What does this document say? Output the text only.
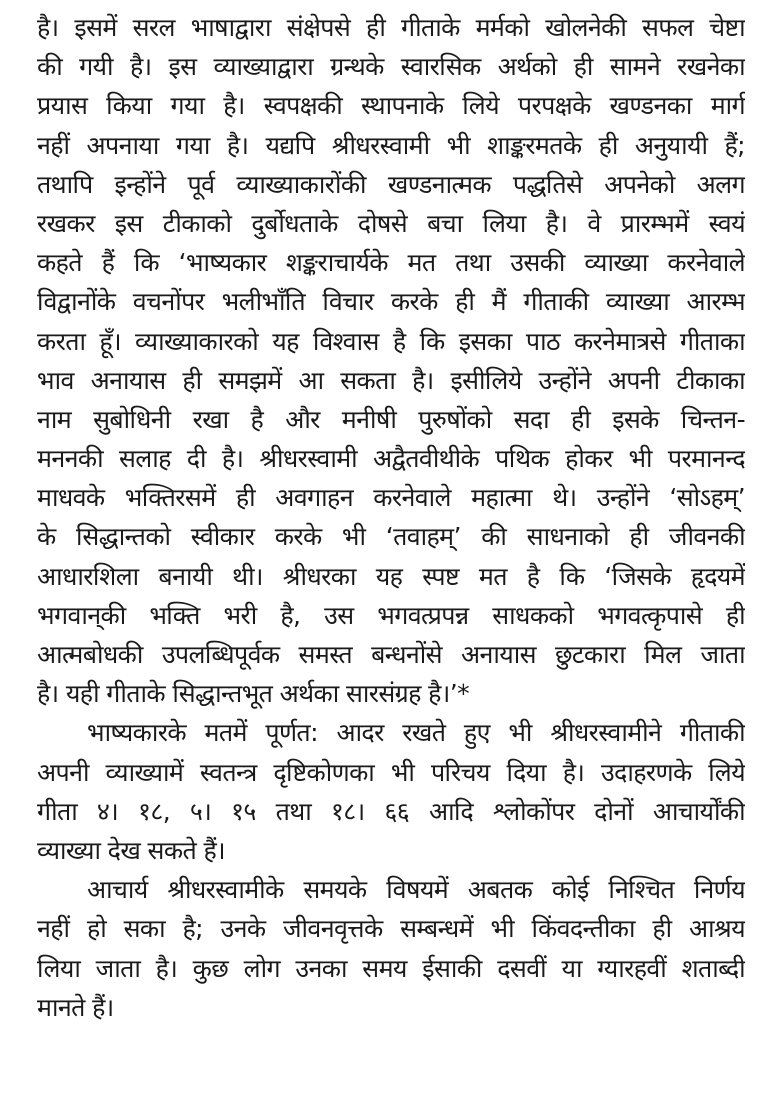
है। इसमें सरल भाषाद्वारा संक्षेपसे ही गीताके मर्मको खोलनेकी सफल चेष्टा
की गयी है। इस व्याख्याद्वारा ग्रन्थके स्वारसिक अर्थको ही सामने रखनेका
प्रयास किया गया है। स्वपक्षकी स्थापनाके लिये परपक्षके खण्डनका मार्ग
नहीं अपनाया गया है। यद्यपि श्रीधरस्वामी भी शाङ्करमतके ही अनुयायी हैं;
तथापि इन्होंने पूर्व व्याख्याकारोंकी खण्डनात्मक पद्धतिसे अपनेको अलग
रखकर इस टीकाको दुर्बोधताके दोषसे बचा लिया है। वे प्रारम्भमें स्वयं
कहते हैं कि ‘भाष्यकार शङ्कराचार्यके मत तथा उसकी व्याख्या करनेवाले
विद्वानोंके वचनोंपर भलीभाँति विचार करके ही मैं गीताकी व्याख्या आरम्भ
करता हूँ। व्याख्याकारको यह विश्वास है कि इसका पाठ करनेमात्रसे गीताका
भाव अनायास ही समझमें आ सकता है। इसीलिये उन्होंने अपनी टीकाका
नाम सुबोधिनी रखा है और मनीषी पुरुषोंको सदा ही इसके चिन्तन-
मननकी सलाह दी है। श्रीधरस्वामी अद्वैतवीथीके पथिक होकर भी परमानन्द
माधवके भक्तिरसमें ही अवगाहन करनेवाले महात्मा थे। उन्होंने ‘सोऽहम्’
के सिद्धान्तको स्वीकार करके भी ‘तवाहम्’ की साधनाको ही जीवनकी
आधारशिला बनायी थी। श्रीधरका यह स्पष्ट मत है कि ‘जिसके हृदयमें
भगवान्‌की भक्ति भरी है, उस भगवत्प्रपन्न साधकको भगवत्कृपासे ही
आत्मबोधकी उपलब्धिपूर्वक समस्त बन्धनोंसे अनायास छुटकारा मिल जाता
है। यही गीताके सिद्धान्तभूत अर्थका सारसंग्रह है।’*
भाष्यकारके मतमें पूर्णत: आदर रखते हुए भी श्रीधरस्वामीने गीताकी
अपनी व्याख्यामें स्वतन्त्र दृष्टिकोणका भी परिचय दिया है। उदाहरणके लिये
गीता ४। १८, ५। १५ तथा १८। ६६ आदि श्लोकोंपर दोनों आचार्योंकी
व्याख्या देख सकते हैं।
आचार्य श्रीधरस्वामीके समयके विषयमें अबतक कोई निश्चित निर्णय
नहीं हो सका है; उनके जीवनवृत्तके सम्बन्धमें भी किंवदन्तीका ही आश्रय
लिया जाता है। कुछ लोग उनका समय ईसाकी दसवीं या ग्यारहवीं शताब्दी
मानते हैं।
